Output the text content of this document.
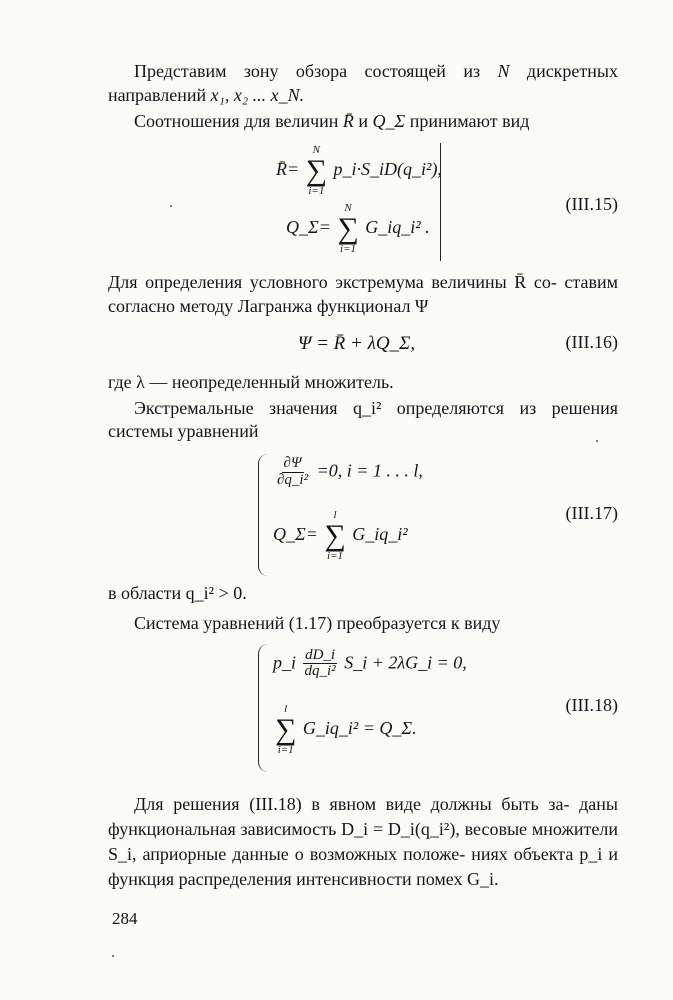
Представим зону обзора состоящей из N дискретных направлений x₁, x₂ ... x_N.

Соотношения для величин R̄ и Q_Σ принимают вид

R̄=
N
∑
i=1
p_i·S_iD(q_i²),
Q_Σ=
N
∑
i=1
G_iq_i² .
(III.15)

Для определения условного экстремума величины R̄ со- ставим согласно методу Лагранжа функционал Ψ

Ψ = R̄ + λQ_Σ,	(III.16)

где λ — неопределенный множитель.

Экстремальные значения q_i² определяются из решения системы уравнений

$\frac{\partial\Psi}{\text{∂q\_i²}} =0$, i = 1 . . . l,
Q_Σ=
l
∑
i=1
G_iq_i²
(III.17)

в области q_i² > 0.

Система уравнений (1.17) преобразуется к виду

p_i $\frac{dD\_i}{\text{dq\_i²}}$ S_i + 2λG_i = 0,
l
∑
i=1
G_iq_i² = Q_Σ.
(III.18)

Для решения (III.18) в явном виде должны быть за- даны функциональная зависимость D_i = D_i(q_i²), весовые множители S_i, априорные данные о возможных положе- ниях объекта p_i и функция распределения интенсивности помех G_i.

284
